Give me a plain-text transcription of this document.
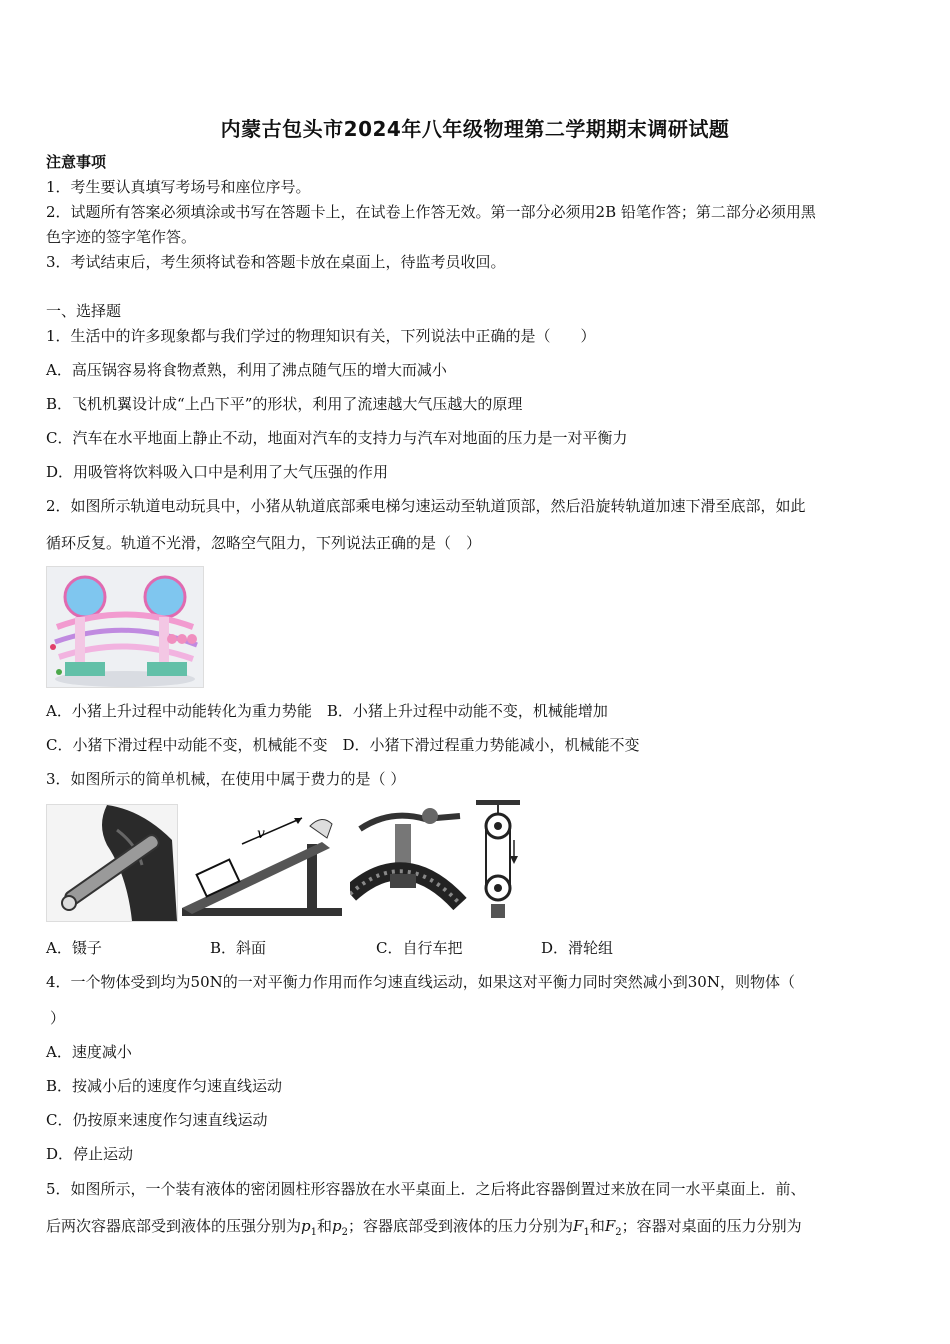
内蒙古包头市2024年八年级物理第二学期期末调研试题
注意事项
1．考生要认真填写考场号和座位序号。
2．试题所有答案必须填涂或书写在答题卡上，在试卷上作答无效。第一部分必须用2B 铅笔作答；第二部分必须用黑
色字迹的签字笔作答。
3．考试结束后，考生须将试卷和答题卡放在桌面上，待监考员收回。
一、选择题
1．生活中的许多现象都与我们学过的物理知识有关，下列说法中正确的是（　　）
A．高压锅容易将食物煮熟，利用了沸点随气压的增大而减小
B．飞机机翼设计成“上凸下平”的形状，利用了流速越大气压越大的原理
C．汽车在水平地面上静止不动，地面对汽车的支持力与汽车对地面的压力是一对平衡力
D．用吸管将饮料吸入口中是利用了大气压强的作用
2．如图所示轨道电动玩具中，小猪从轨道底部乘电梯匀速运动至轨道顶部，然后沿旋转轨道加速下滑至底部，如此
循环反复。轨道不光滑，忽略空气阻力，下列说法正确的是（　）
A．小猪上升过程中动能转化为重力势能　B．小猪上升过程中动能不变，机械能增加
C．小猪下滑过程中动能不变，机械能不变　D．小猪下滑过程重力势能减小，机械能不变
3．如图所示的简单机械，在使用中属于费力的是（ ）
v
A．镊子	B．斜面	C．自行车把	D．滑轮组
4．一个物体受到均为50N的一对平衡力作用而作匀速直线运动，如果这对平衡力同时突然减小到30N，则物体（
）
A．速度减小
B．按减小后的速度作匀速直线运动
C．仍按原来速度作匀速直线运动
D．停止运动
5．如图所示，一个装有液体的密闭圆柱形容器放在水平桌面上．之后将此容器倒置过来放在同一水平桌面上．前、
后两次容器底部受到液体的压强分别为$p_1$和$p_2$；容器底部受到液体的压力分别为$F_1$和$F_2$；容器对桌面的压力分别为
